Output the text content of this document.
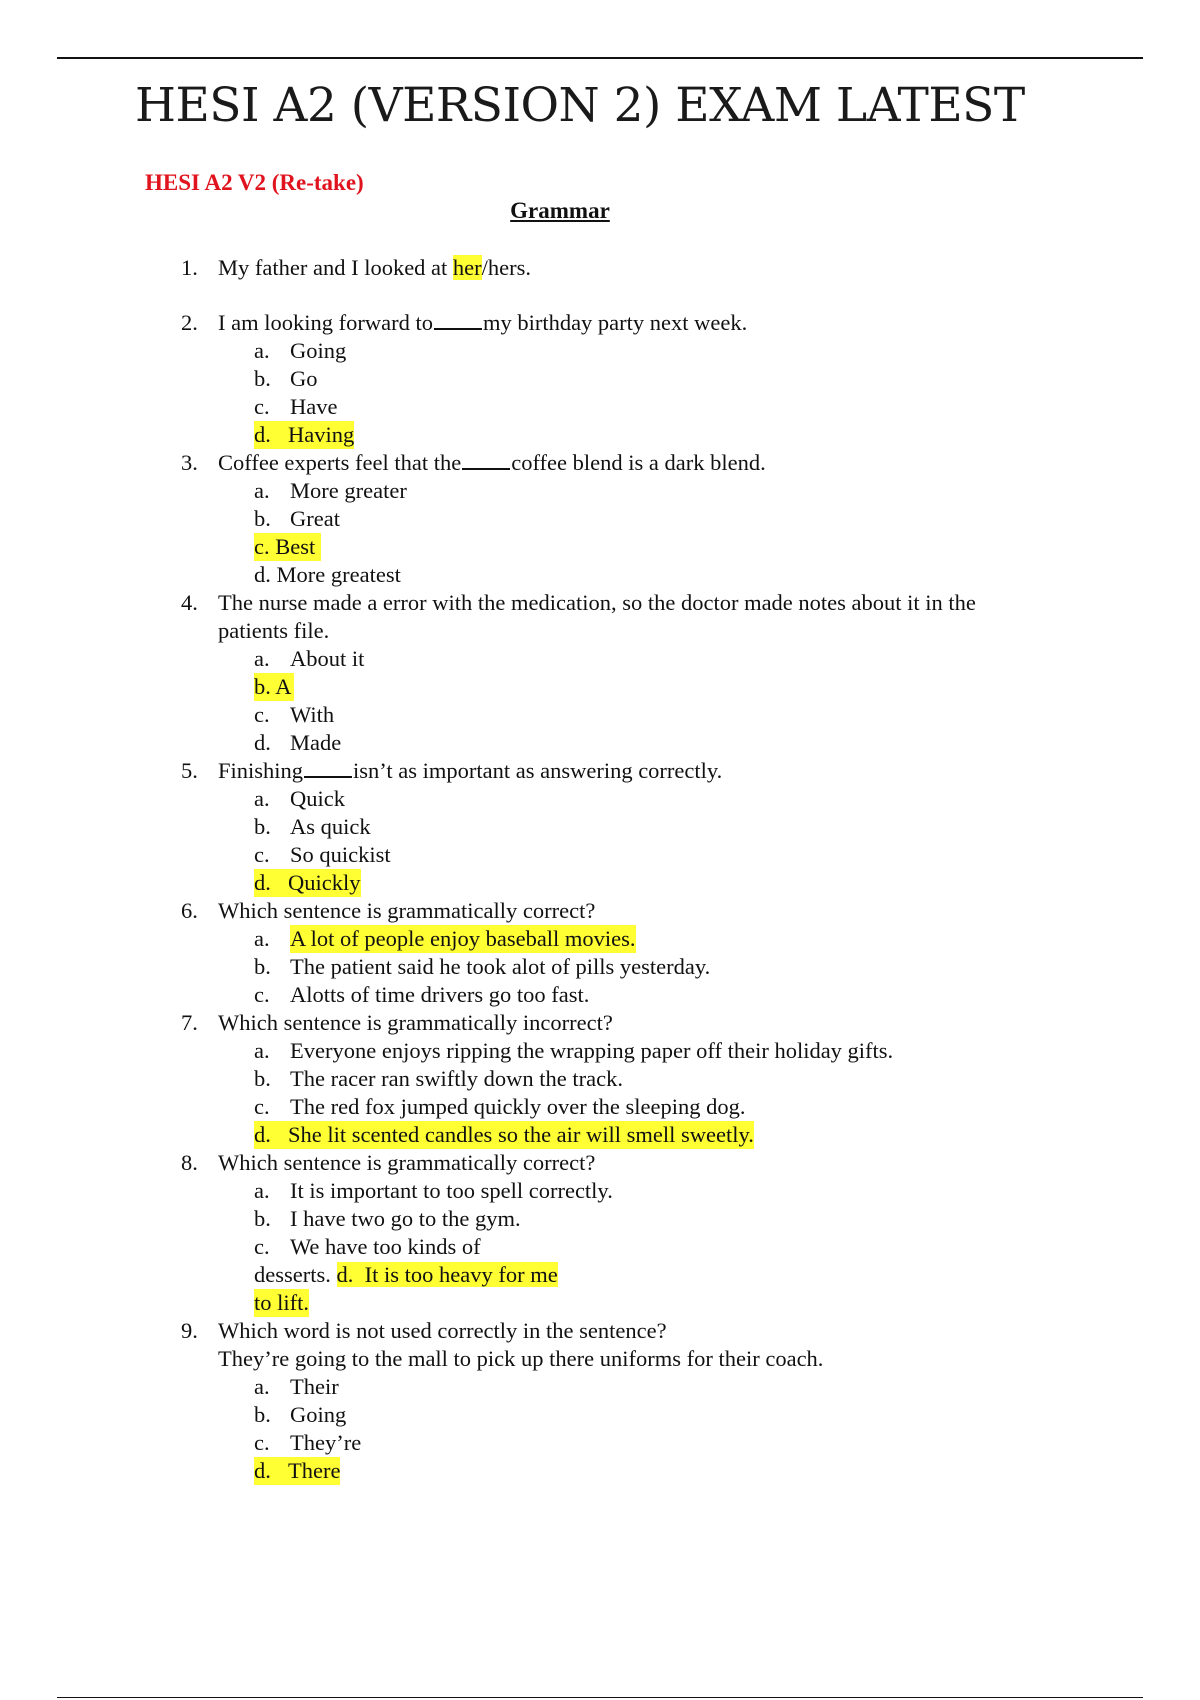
HESI A2 (VERSION 2) EXAM LATEST
HESI A2 V2 (Re-take)
Grammar
1. My father and I looked at her/hers.
2. I am looking forward to my birthday party next week.
a. Going
b. Go
c. Have
d. Having
3. Coffee experts feel that the coffee blend is a dark blend.
a. More greater
b. Great
c. Best
d. More greatest
4. The nurse made a error with the medication, so the doctor made notes about it in the
patients file.
a. About it
b. A
c. With
d. Made
5. Finishing isn’t as important as answering correctly.
a. Quick
b. As quick
c. So quickist
d. Quickly
6. Which sentence is grammatically correct?
a. A lot of people enjoy baseball movies.
b. The patient said he took alot of pills yesterday.
c. Alotts of time drivers go too fast.
7. Which sentence is grammatically incorrect?
a. Everyone enjoys ripping the wrapping paper off their holiday gifts.
b. The racer ran swiftly down the track.
c. The red fox jumped quickly over the sleeping dog.
d. She lit scented candles so the air will smell sweetly.
8. Which sentence is grammatically correct?
a. It is important to too spell correctly.
b. I have two go to the gym.
c. We have too kinds of
desserts. d. It is too heavy for me
to lift.
9. Which word is not used correctly in the sentence?
They’re going to the mall to pick up there uniforms for their coach.
a. Their
b. Going
c. They’re
d. There
